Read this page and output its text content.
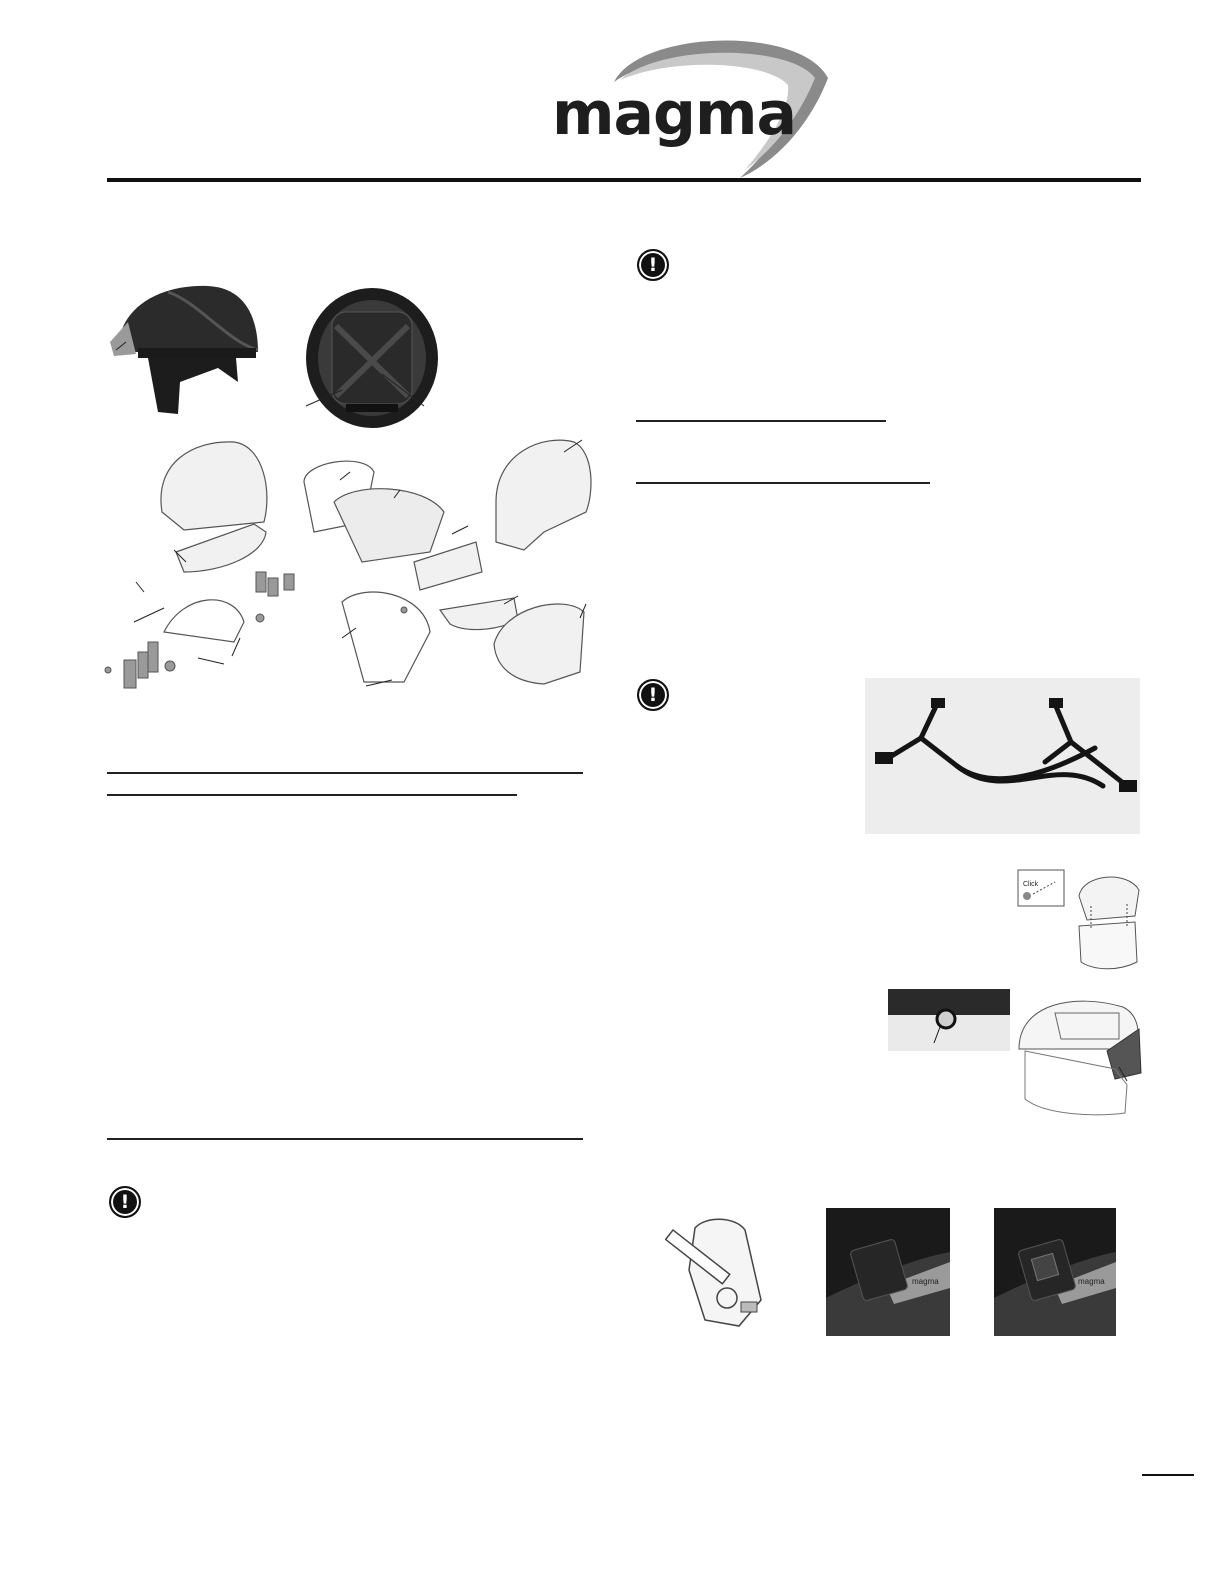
magma
!
!
!
Click
magma	magma
